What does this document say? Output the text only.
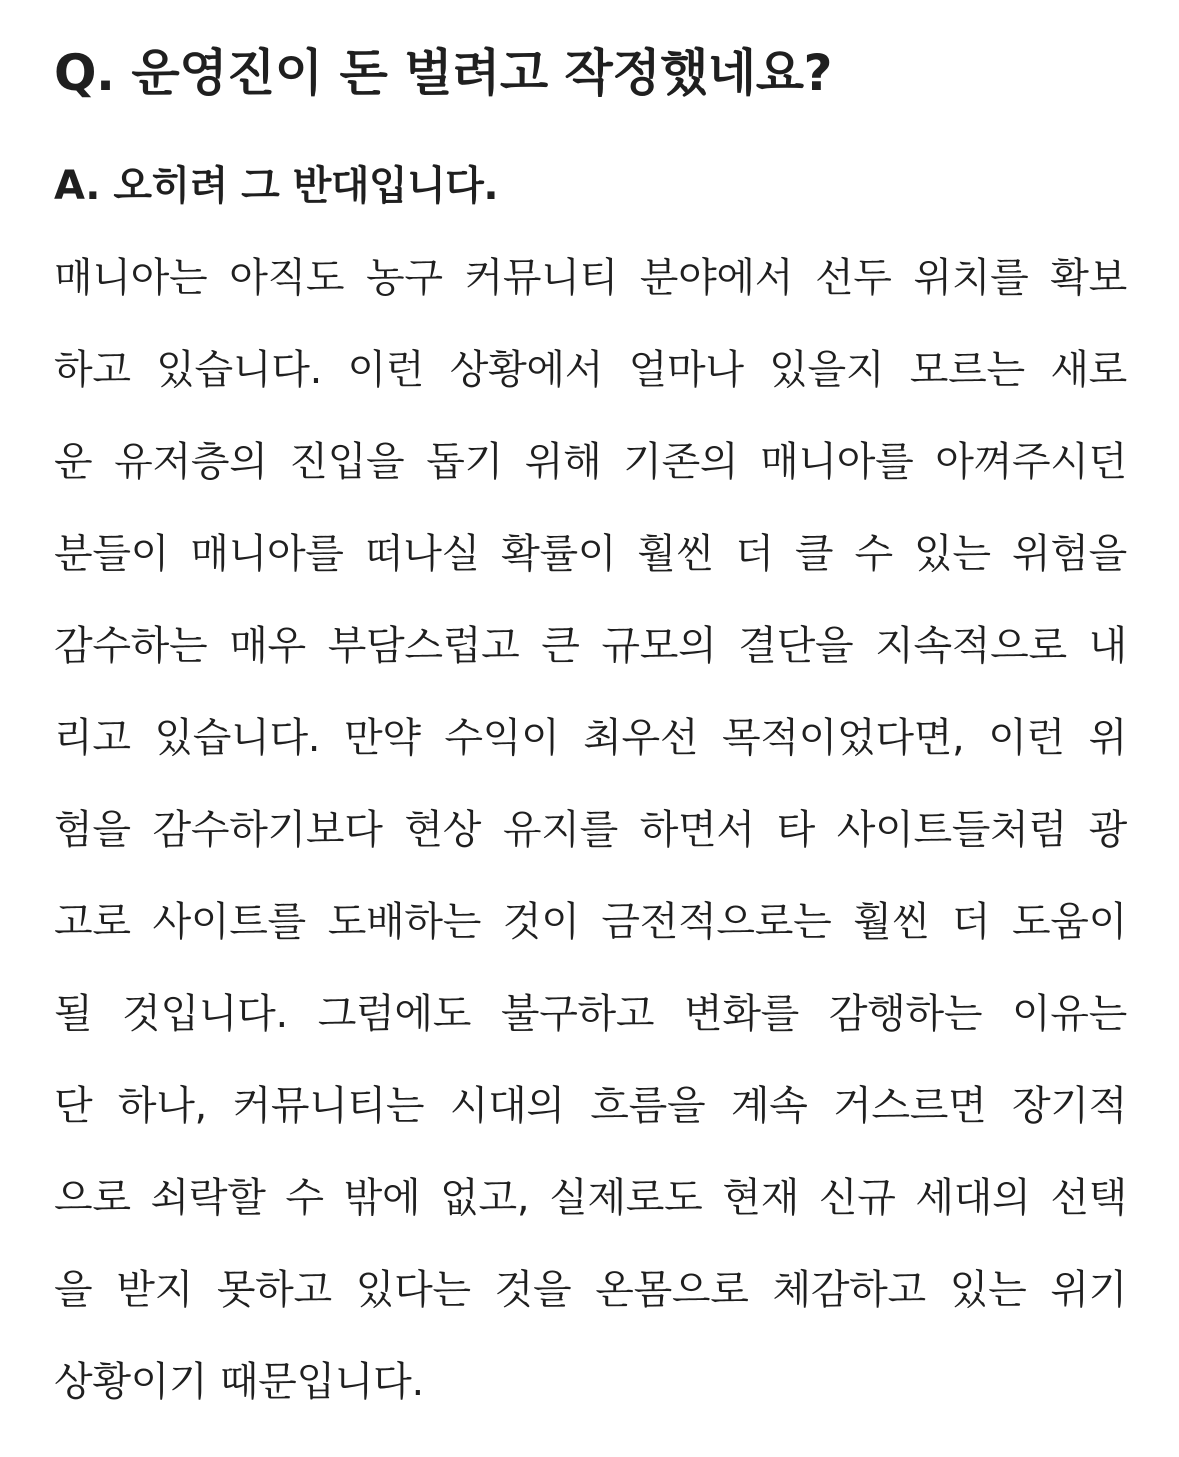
Q. 운영진이 돈 벌려고 작정했네요?

A. 오히려 그 반대입니다.

매니아는 아직도 농구 커뮤니티 분야에서 선두 위치를 확보
하고 있습니다. 이런 상황에서 얼마나 있을지 모르는 새로
운 유저층의 진입을 돕기 위해 기존의 매니아를 아껴주시던
분들이 매니아를 떠나실 확률이 훨씬 더 클 수 있는 위험을
감수하는 매우 부담스럽고 큰 규모의 결단을 지속적으로 내
리고 있습니다. 만약 수익이 최우선 목적이었다면, 이런 위
험을 감수하기보다 현상 유지를 하면서 타 사이트들처럼 광
고로 사이트를 도배하는 것이 금전적으로는 훨씬 더 도움이
될 것입니다. 그럼에도 불구하고 변화를 감행하는 이유는
단 하나, 커뮤니티는 시대의 흐름을 계속 거스르면 장기적
으로 쇠락할 수 밖에 없고, 실제로도 현재 신규 세대의 선택
을 받지 못하고 있다는 것을 온몸으로 체감하고 있는 위기
상황이기 때문입니다.
